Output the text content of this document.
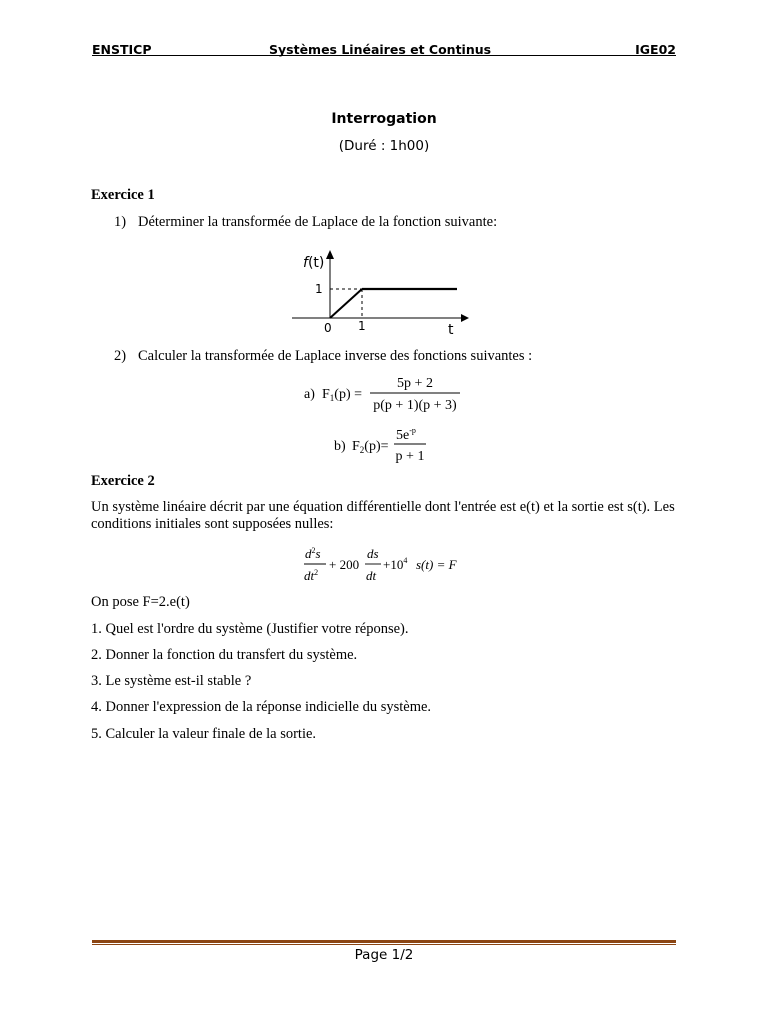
ENSTICP	Systèmes Linéaires et Continus	IGE02
Interrogation
(Duré : 1h00)
Exercice 1
1) Déterminer la transformée de Laplace de la fonction suivante:
f(t)
1
0 1	t
2) Calculer la transformée de Laplace inverse des fonctions suivantes :
a) $F_1(p)$ =
5p + 2
p(p + 1)(p + 3)
b) $F_2(p)=$
$5e^{-p}$
p + 1
Exercice 2
Un système linéaire décrit par une équation différentielle dont l'entrée est e(t) et la sortie est s(t). Les conditions initiales sont supposées nulles:
$d^2s$
$dt^2$
+ 200
ds
dt
$+10^4$ s(t) = F
On pose F=2.e(t)
1. Quel est l'ordre du système (Justifier votre réponse).
2. Donner la fonction du transfert du système.
3. Le système est-il stable ?
4. Donner l'expression de la réponse indicielle du système.
5. Calculer la valeur finale de la sortie.
Page 1/2
